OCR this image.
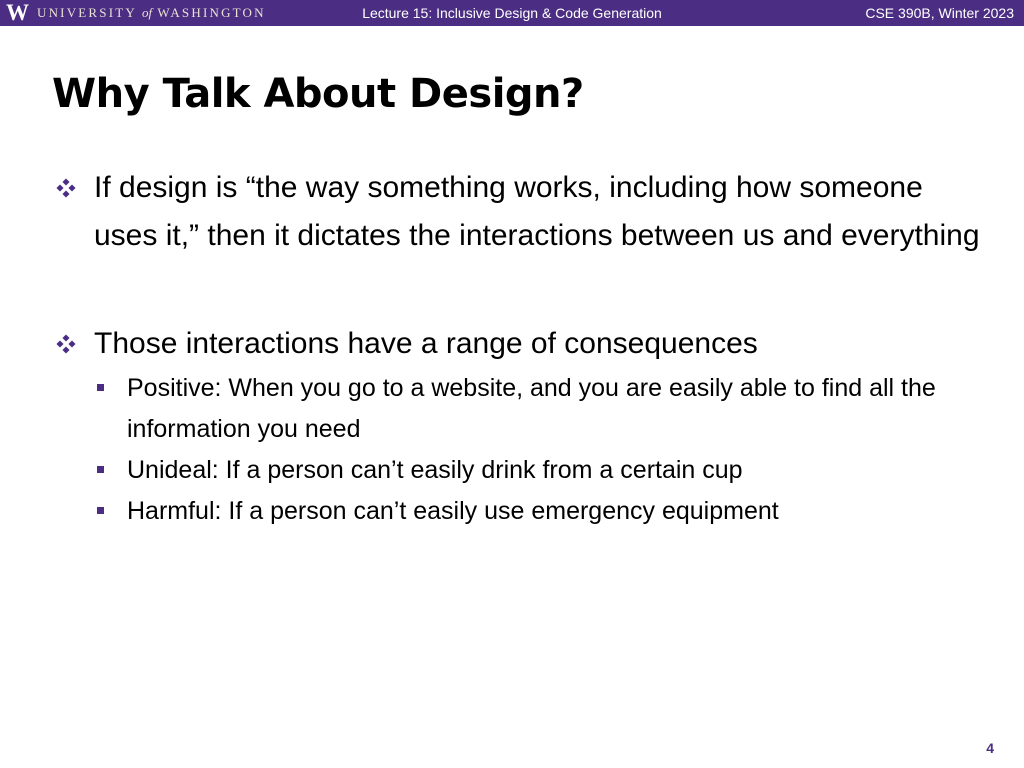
W UNIVERSITY of WASHINGTON	Lecture 15: Inclusive Design & Code Generation	CSE 390B, Winter 2023
Why Talk About Design?
If design is “the way something works, including how someone uses it,” then it dictates the interactions between us and everything
Those interactions have a range of consequences
Positive: When you go to a website, and you are easily able to find all the information you need
Unideal: If a person can’t easily drink from a certain cup
Harmful: If a person can’t easily use emergency equipment
4
